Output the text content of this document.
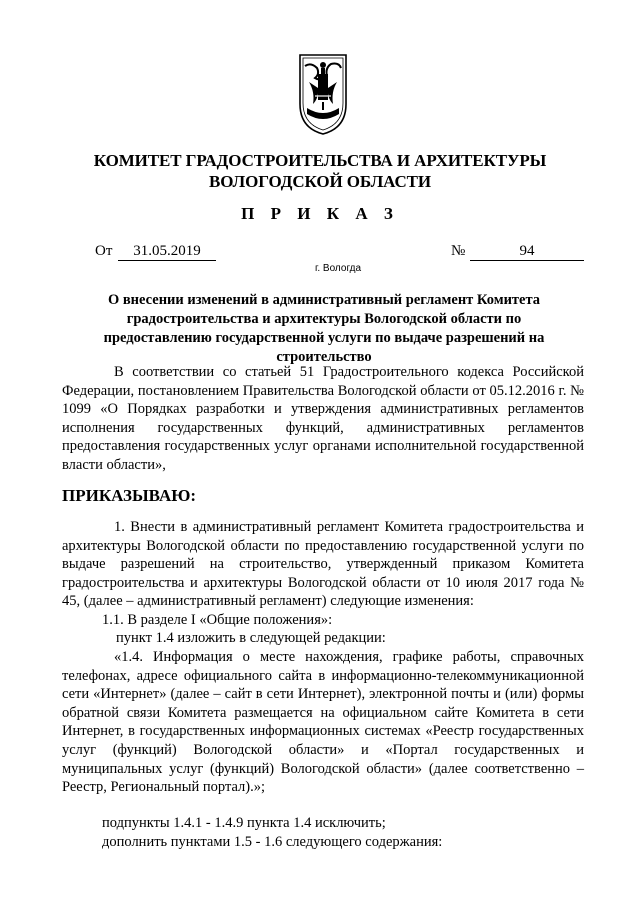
КОМИТЕТ ГРАДОСТРОИТЕЛЬСТВА И АРХИТЕКТУРЫ
ВОЛОГОДСКОЙ ОБЛАСТИ
П Р И К А З
От	31.05.2019	№	94
г. Вологда
О внесении изменений в административный регламент Комитета градостроительства и архитектуры Вологодской области по предоставлению государственной услуги по выдаче разрешений на строительство
В соответствии со статьей 51 Градостроительного кодекса Российской Федерации, постановлением Правительства Вологодской области от 05.12.2016 г. № 1099 «О Порядках разработки и утверждения административных регламентов исполнения государственных функций, административных регламентов предоставления государственных услуг органами исполнительной государственной власти области»,
ПРИКАЗЫВАЮ:
1. Внести в административный регламент Комитета градостроительства и архитектуры Вологодской области по предоставлению государственной услуги по выдаче разрешений на строительство, утвержденный приказом Комитета градостроительства и архитектуры Вологодской области от 10 июля 2017 года № 45, (далее – административный регламент) следующие изменения:
1.1. В разделе I «Общие положения»:
пункт 1.4 изложить в следующей редакции:
«1.4. Информация о месте нахождения, графике работы, справочных телефонах, адресе официального сайта в информационно-телекоммуникационной сети «Интернет» (далее – сайт в сети Интернет), электронной почты и (или) формы обратной связи Комитета размещается на официальном сайте Комитета в сети Интернет, в государственных информационных системах «Реестр государственных услуг (функций) Вологодской области» и «Портал государственных и муниципальных услуг (функций) Вологодской области» (далее соответственно – Реестр, Региональный портал).»;
подпункты 1.4.1 - 1.4.9 пункта 1.4 исключить;
дополнить пунктами 1.5 - 1.6 следующего содержания:
